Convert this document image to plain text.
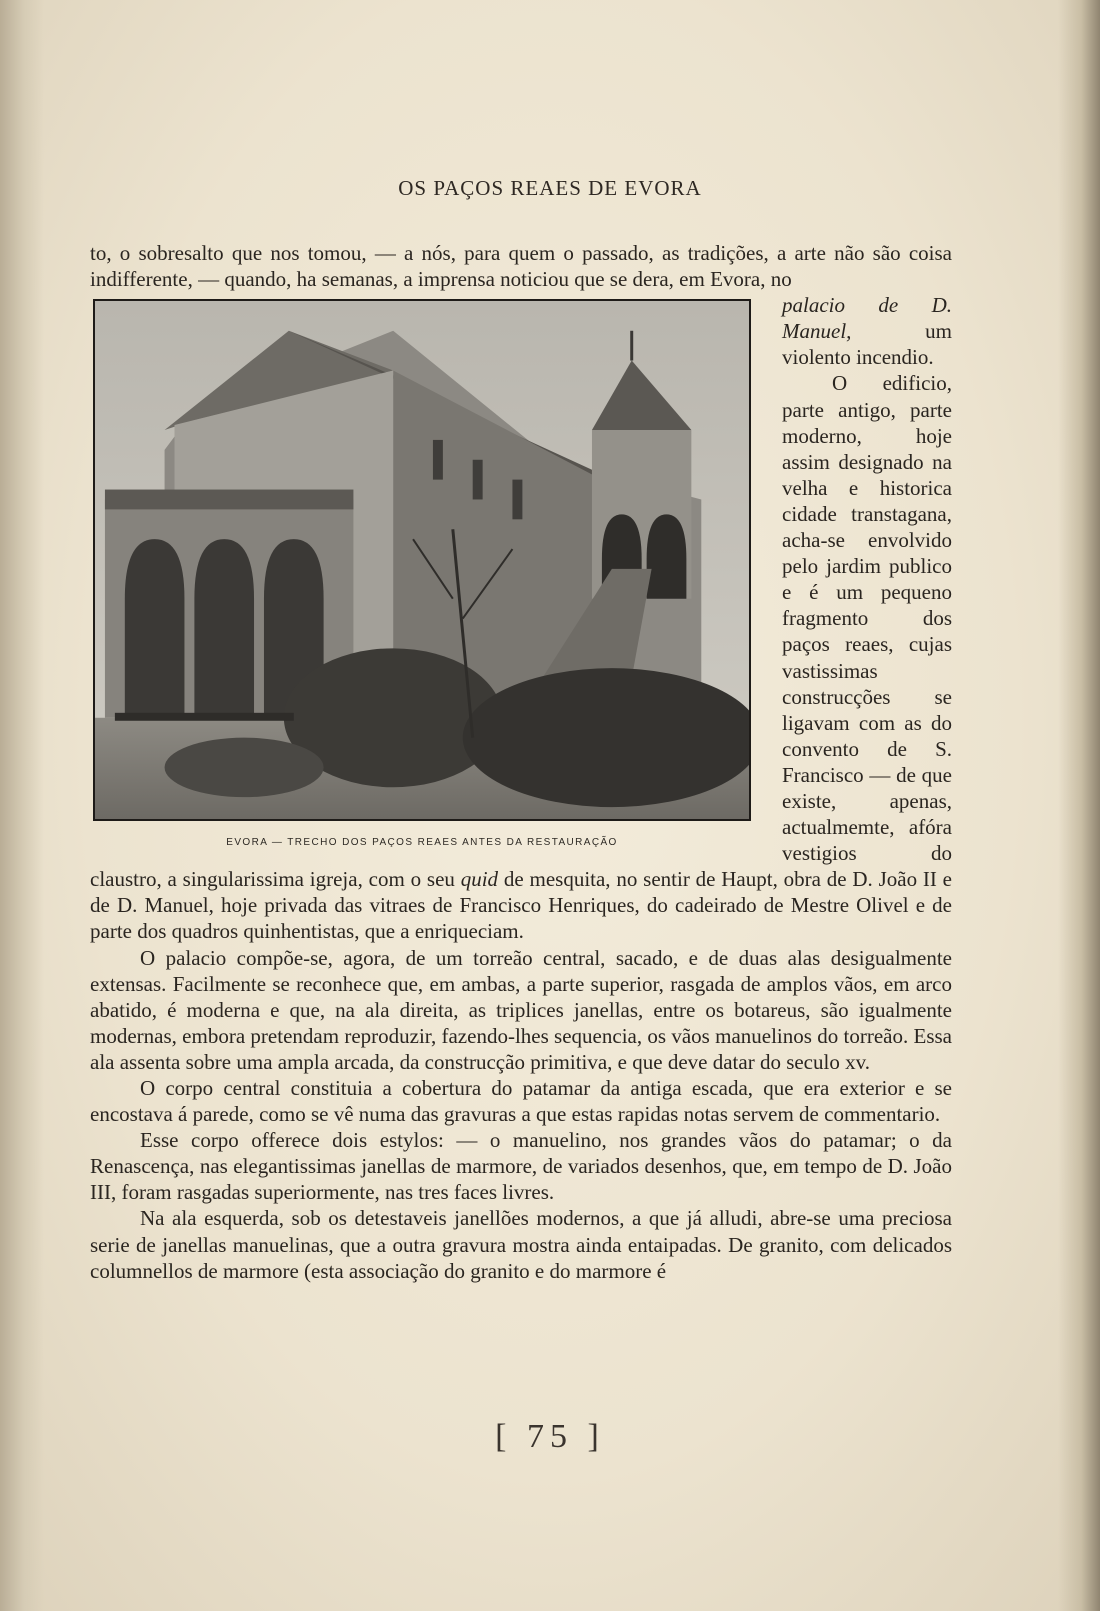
OS PAÇOS REAES DE EVORA

to, o sobresalto que nos tomou, — a nós, para quem o passado, as tradições, a arte não são coisa indifferente, — quando, ha semanas, a imprensa noticiou que se dera, em Evora, no

EVORA — TRECHO DOS PAÇOS REAES ANTES DA RESTAURAÇÃO

palacio de D. Manuel, um violento incendio.

O edificio, parte antigo, parte moderno, hoje assim designado na velha e historica cidade transtagana, acha-se envolvido pelo jardim publico e é um pequeno fragmento dos paços reaes, cujas vastissimas construcções se ligavam com as do convento de S. Francisco — de que existe, apenas, actualmemte, afóra vestigios do claustro, a singularissima igreja, com o seu quid de mesquita, no sentir de Haupt, obra de D. João II e de D. Manuel, hoje privada das vitraes de Francisco Henriques, do cadeirado de Mestre Olivel e de parte dos quadros quinhentistas, que a enriqueciam.

O palacio compõe-se, agora, de um torreão central, sacado, e de duas alas desigualmente extensas. Facilmente se reconhece que, em ambas, a parte superior, rasgada de amplos vãos, em arco abatido, é moderna e que, na ala direita, as triplices janellas, entre os botareus, são igualmente modernas, embora pretendam reproduzir, fazendo-lhes sequencia, os vãos manuelinos do torreão. Essa ala assenta sobre uma ampla arcada, da construcção primitiva, e que deve datar do seculo xv.

O corpo central constituia a cobertura do patamar da antiga escada, que era exterior e se encostava á parede, como se vê numa das gravuras a que estas rapidas notas servem de commentario.

Esse corpo offerece dois estylos: — o manuelino, nos grandes vãos do patamar; o da Renascença, nas elegantissimas janellas de marmore, de variados desenhos, que, em tempo de D. João III, foram rasgadas superiormente, nas tres faces livres.

Na ala esquerda, sob os detestaveis janellões modernos, a que já alludi, abre-se uma preciosa serie de janellas manuelinas, que a outra gravura mostra ainda entaipadas. De granito, com delicados columnellos de marmore (esta associação do granito e do marmore é

[ 75 ]
